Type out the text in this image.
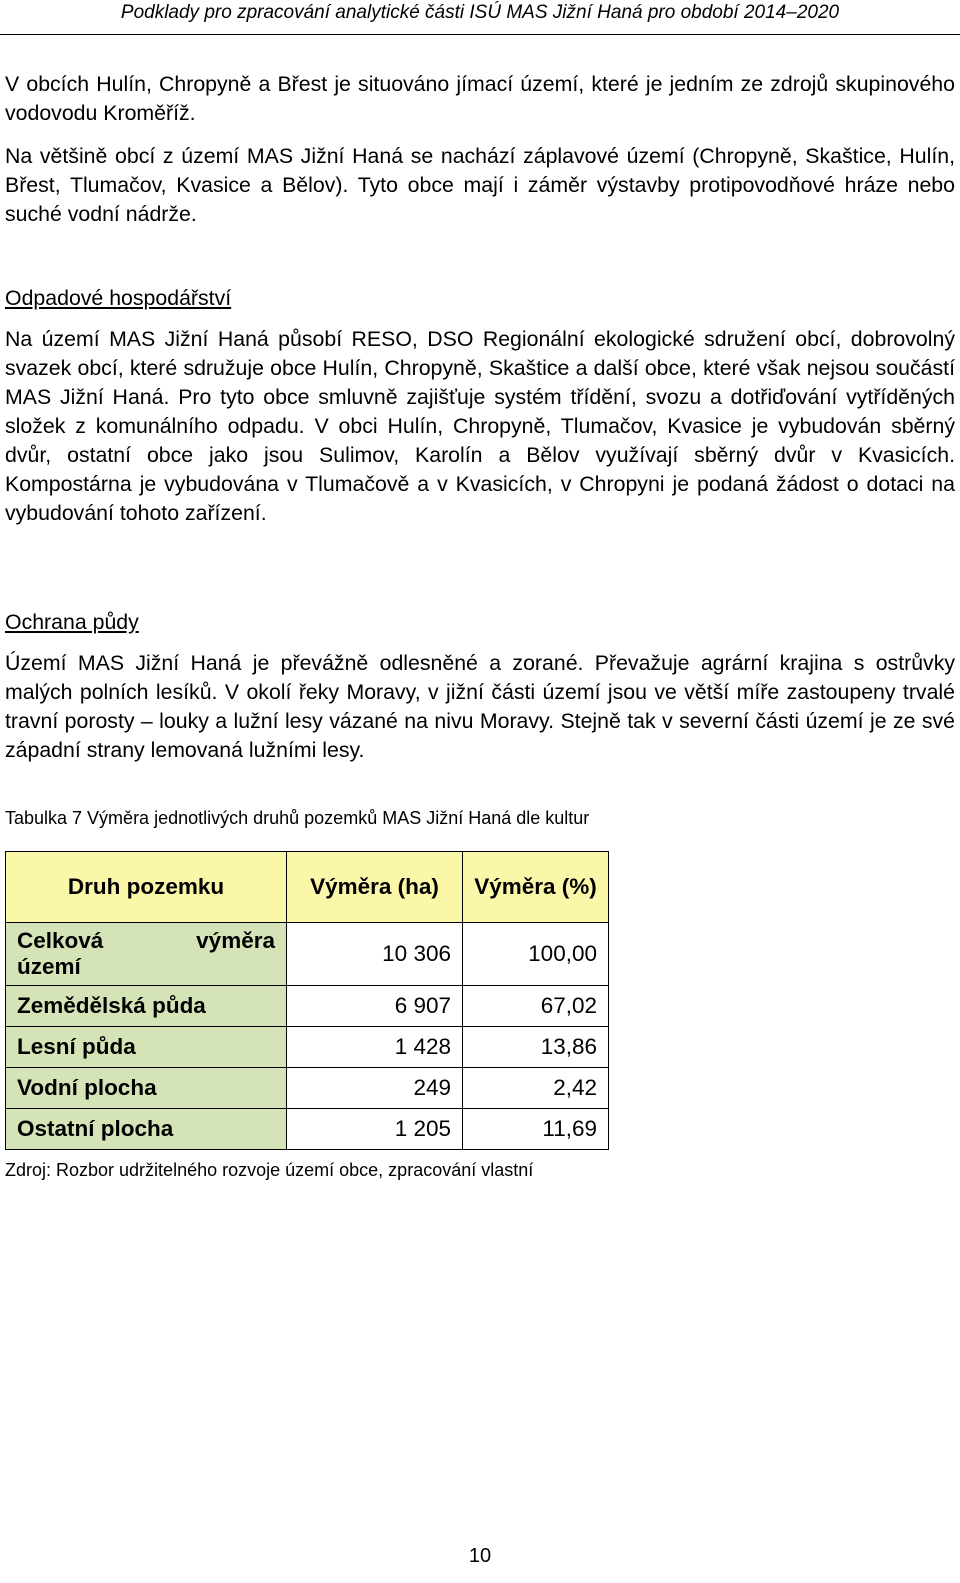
Podklady pro zpracování analytické části ISÚ MAS Jižní Haná pro období 2014–2020

V obcích Hulín, Chropyně a Břest je situováno jímací území, které je jedním ze zdrojů skupinového vodovodu Kroměříž.

Na většině obcí z území MAS Jižní Haná se nachází záplavové území (Chropyně, Skaštice, Hulín, Břest, Tlumačov, Kvasice a Bělov). Tyto obce mají i záměr výstavby protipovodňové hráze nebo suché vodní nádrže.

Odpadové hospodářství

Na území MAS Jižní Haná působí RESO, DSO Regionální ekologické sdružení obcí, dobrovolný svazek obcí, které sdružuje obce Hulín, Chropyně, Skaštice a další obce, které však nejsou součástí MAS Jižní Haná. Pro tyto obce smluvně zajišťuje systém třídění, svozu a dotřiďování vytříděných složek z komunálního odpadu. V obci Hulín, Chropyně, Tlumačov, Kvasice je vybudován sběrný dvůr, ostatní obce jako jsou Sulimov, Karolín a Bělov využívají sběrný dvůr v Kvasicích. Kompostárna je vybudována v Tlumačově a v Kvasicích, v Chropyni je podaná žádost o dotaci na vybudování tohoto zařízení.

Ochrana půdy

Území MAS Jižní Haná je převážně odlesněné a zorané. Převažuje agrární krajina s ostrůvky malých polních lesíků. V okolí řeky Moravy, v jižní části území jsou ve větší míře zastoupeny trvalé travní porosty – louky a lužní lesy vázané na nivu Moravy. Stejně tak v severní části území je ze své západní strany lemovaná lužními lesy.

Tabulka 7 Výměra jednotlivých druhů pozemků MAS Jižní Haná dle kultur

Druh pozemku	Výměra (ha)	Výměra (%)

Celková výměra
území	10 306	100,00
Zemědělská půda	6 907	67,02
Lesní půda	1 428	13,86
Vodní plocha	249	2,42
Ostatní plocha	1 205	11,69

Zdroj: Rozbor udržitelného rozvoje území obce, zpracování vlastní

10
